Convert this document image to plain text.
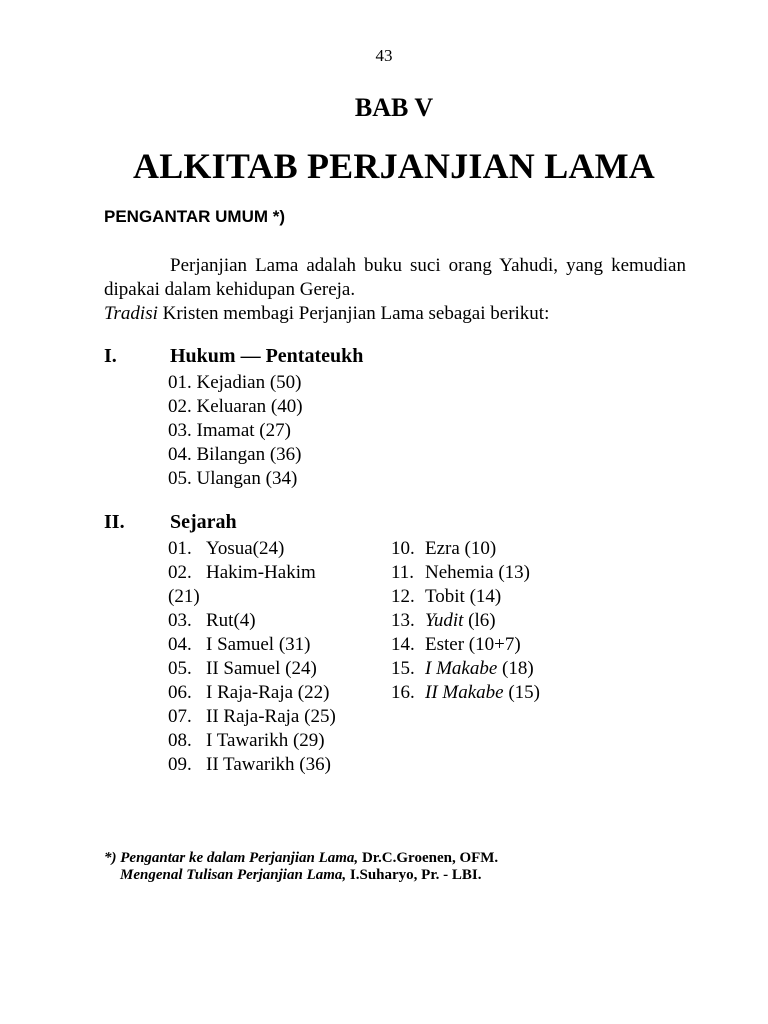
43
BAB V
ALKITAB PERJANJIAN LAMA
PENGANTAR UMUM *)
Perjanjian Lama adalah buku suci orang Yahudi, yang kemudian dipakai dalam kehidupan Gereja.
Tradisi Kristen membagi Perjanjian Lama sebagai berikut:
I.	Hukum — Pentateukh
01. Kejadian (50)
02. Keluaran (40)
03. Imamat (27)
04. Bilangan (36)
05. Ulangan (34)
II. Sejarah
01. Yosua(24)
02. Hakim-Hakim
(21)
03. Rut(4)
04. I Samuel (31)
05. II Samuel (24)
06. I Raja-Raja (22)
07. II Raja-Raja (25)
08. I Tawarikh (29)
09. II Tawarikh (36)
10. Ezra (10)
11. Nehemia (13)
12. Tobit (14)
13. Yudit (l6)
14. Ester (10+7)
15. I Makabe (18)
16. II Makabe (15)
*) Pengantar ke dalam Perjanjian Lama, Dr.C.Groenen, OFM.
Mengenal Tulisan Perjanjian Lama, I.Suharyo, Pr. - LBI.
